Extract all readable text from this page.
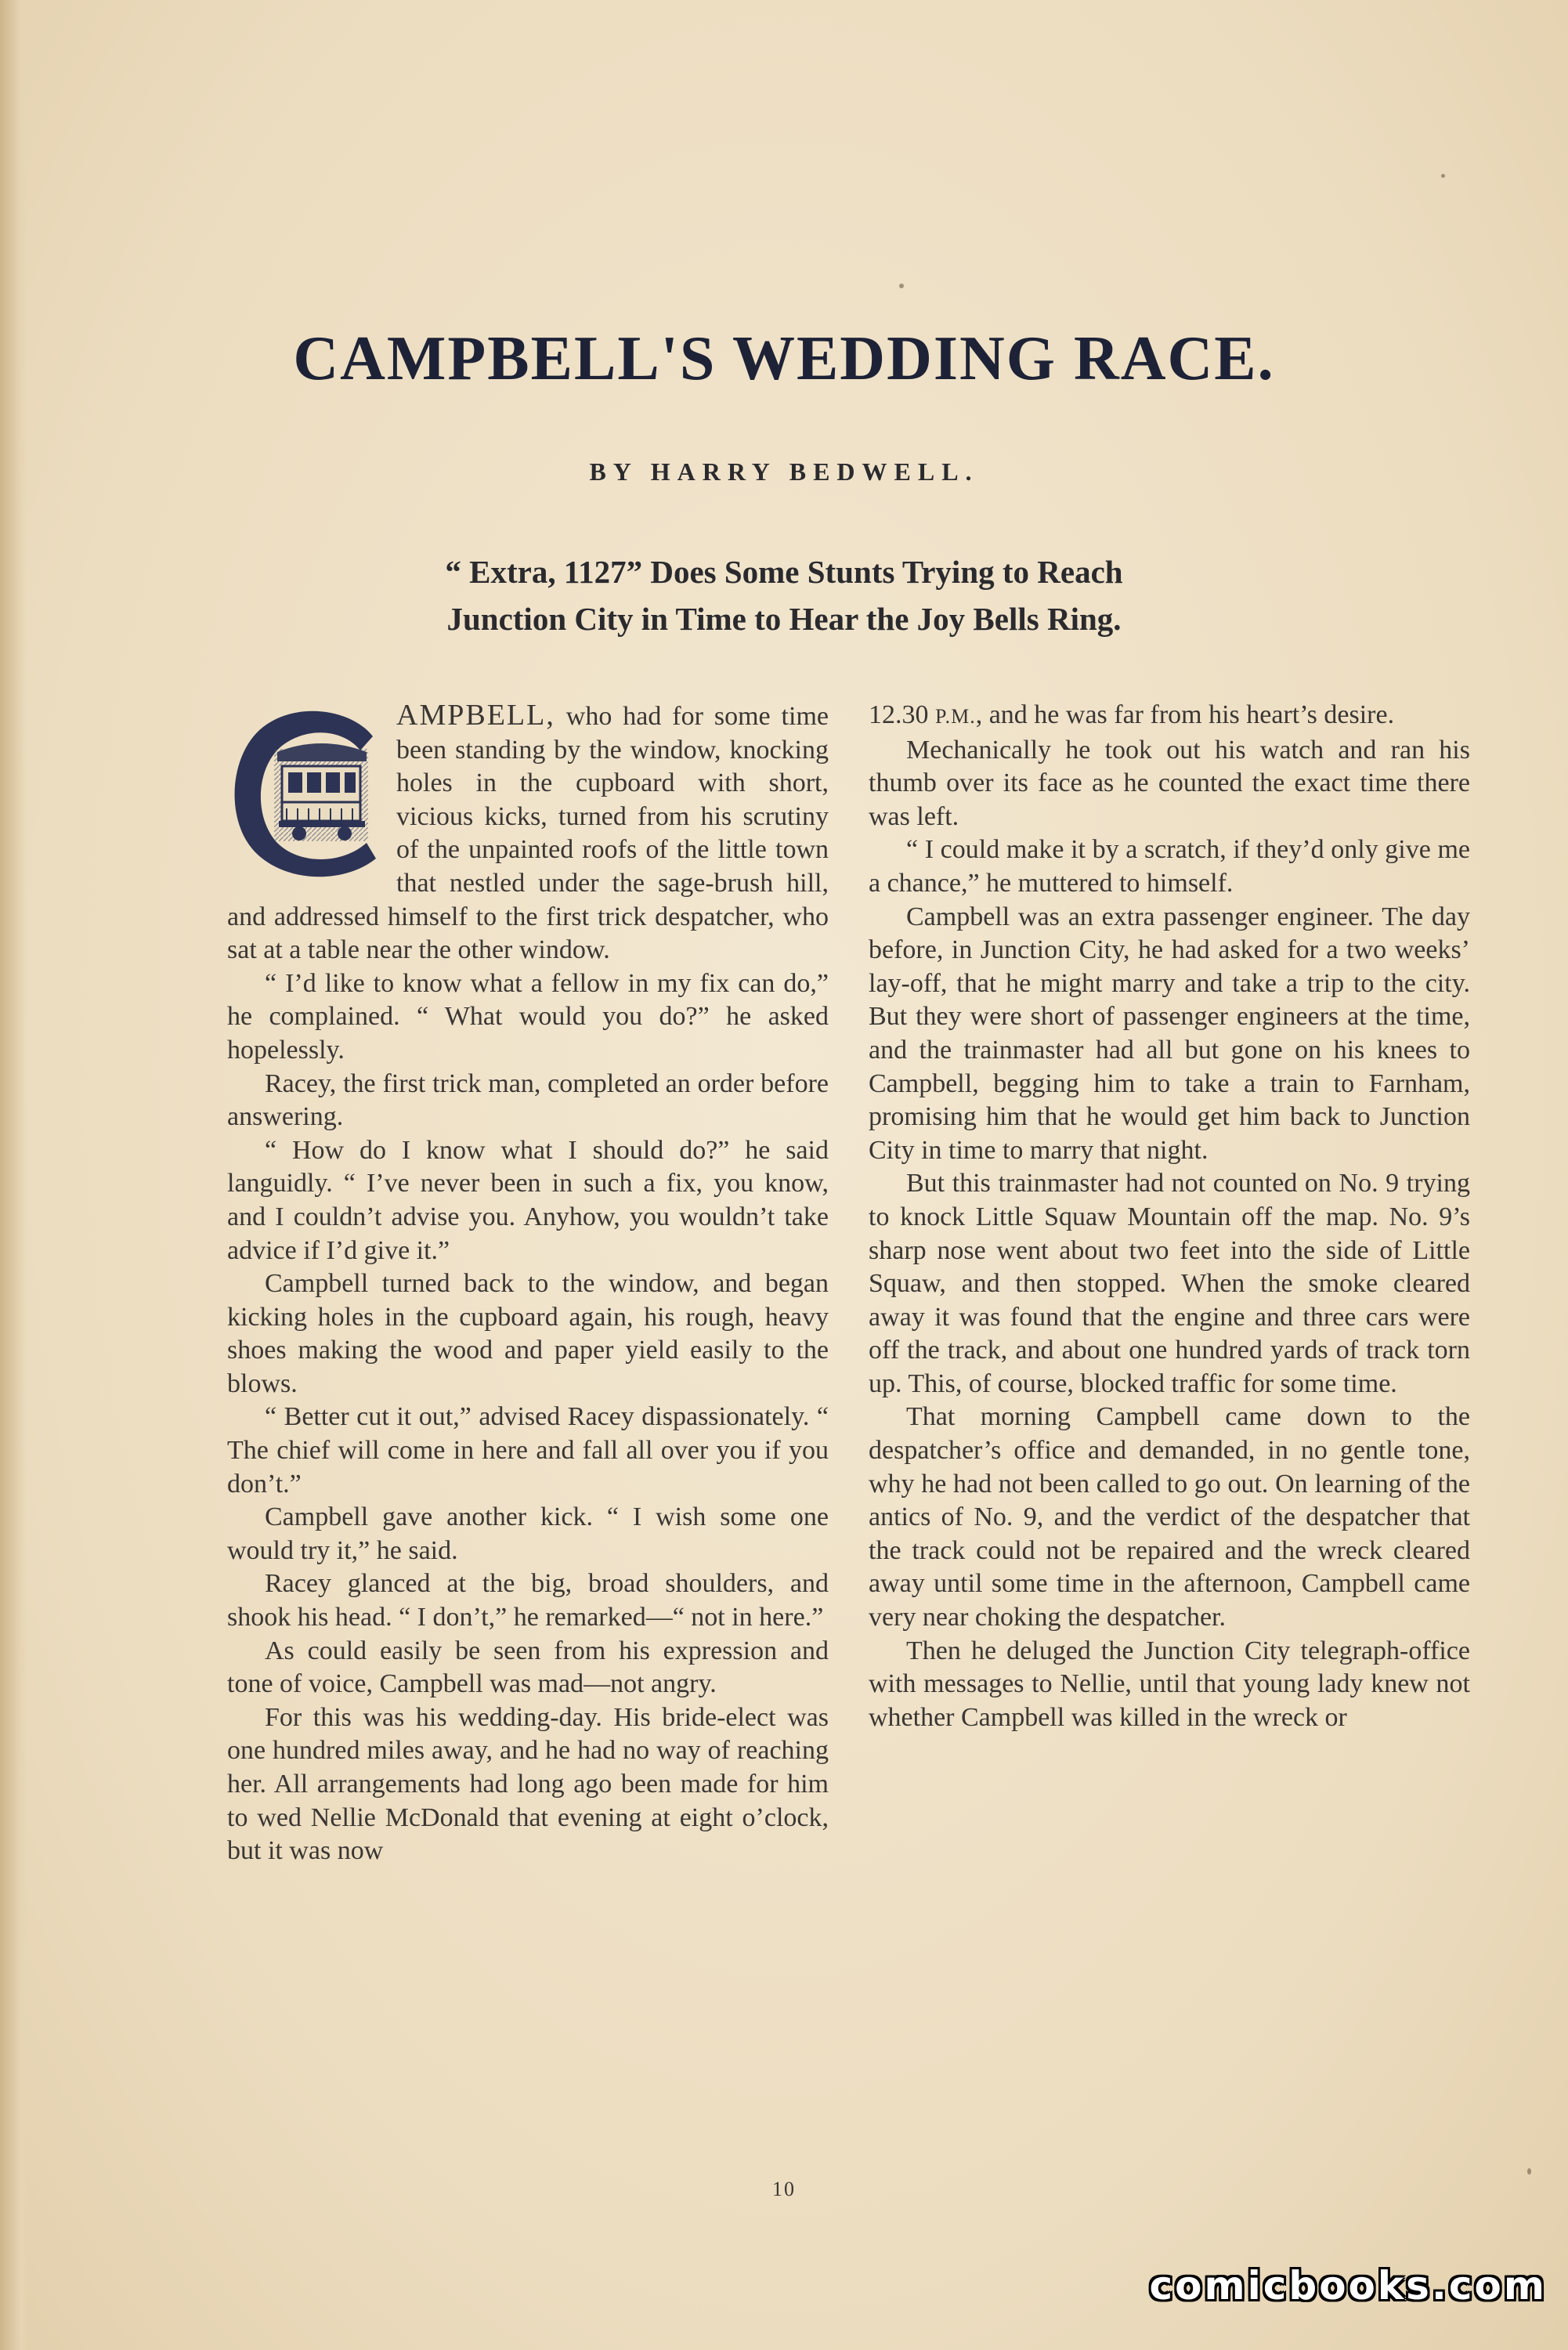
CAMPBELL'S WEDDING RACE.
BY HARRY BEDWELL.
“ Extra, 1127” Does Some Stunts Trying to Reach
Junction City in Time to Hear the Joy Bells Ring.

AMPBELL, who had for some time been standing by the window, knocking holes in the cupboard with short, vicious kicks, turned from his scrutiny of the unpainted roofs of the little town that nestled under the sage-brush hill, and addressed himself to the first trick despatcher, who sat at a table near the other window.

“ I’d like to know what a fellow in my fix can do,” he complained. “ What would you do?” he asked hopelessly.

Racey, the first trick man, completed an order before answering.

“ How do I know what I should do?” he said languidly. “ I’ve never been in such a fix, you know, and I couldn’t advise you. Anyhow, you wouldn’t take advice if I’d give it.”

Campbell turned back to the window, and began kicking holes in the cupboard again, his rough, heavy shoes making the wood and paper yield easily to the blows.

“ Better cut it out,” advised Racey dispassionately. “ The chief will come in here and fall all over you if you don’t.”

Campbell gave another kick. “ I wish some one would try it,” he said.

Racey glanced at the big, broad shoulders, and shook his head. “ I don’t,” he remarked—“ not in here.”

As could easily be seen from his expression and tone of voice, Campbell was mad—not angry.

For this was his wedding-day. His bride-elect was one hundred miles away, and he had no way of reaching her. All arrangements had long ago been made for him to wed Nellie McDonald that evening at eight o’clock, but it was now

12.30 P.M., and he was far from his heart’s desire.

Mechanically he took out his watch and ran his thumb over its face as he counted the exact time there was left.

“ I could make it by a scratch, if they’d only give me a chance,” he muttered to himself.

Campbell was an extra passenger engineer. The day before, in Junction City, he had asked for a two weeks’ lay-off, that he might marry and take a trip to the city. But they were short of passenger engineers at the time, and the trainmaster had all but gone on his knees to Campbell, begging him to take a train to Farnham, promising him that he would get him back to Junction City in time to marry that night.

But this trainmaster had not counted on No. 9 trying to knock Little Squaw Mountain off the map. No. 9’s sharp nose went about two feet into the side of Little Squaw, and then stopped. When the smoke cleared away it was found that the engine and three cars were off the track, and about one hundred yards of track torn up. This, of course, blocked traffic for some time.

That morning Campbell came down to the despatcher’s office and demanded, in no gentle tone, why he had not been called to go out. On learning of the antics of No. 9, and the verdict of the despatcher that the track could not be repaired and the wreck cleared away until some time in the afternoon, Campbell came very near choking the despatcher.

Then he deluged the Junction City telegraph-office with messages to Nellie, until that young lady knew not whether Campbell was killed in the wreck or

10
comicbooks.com
